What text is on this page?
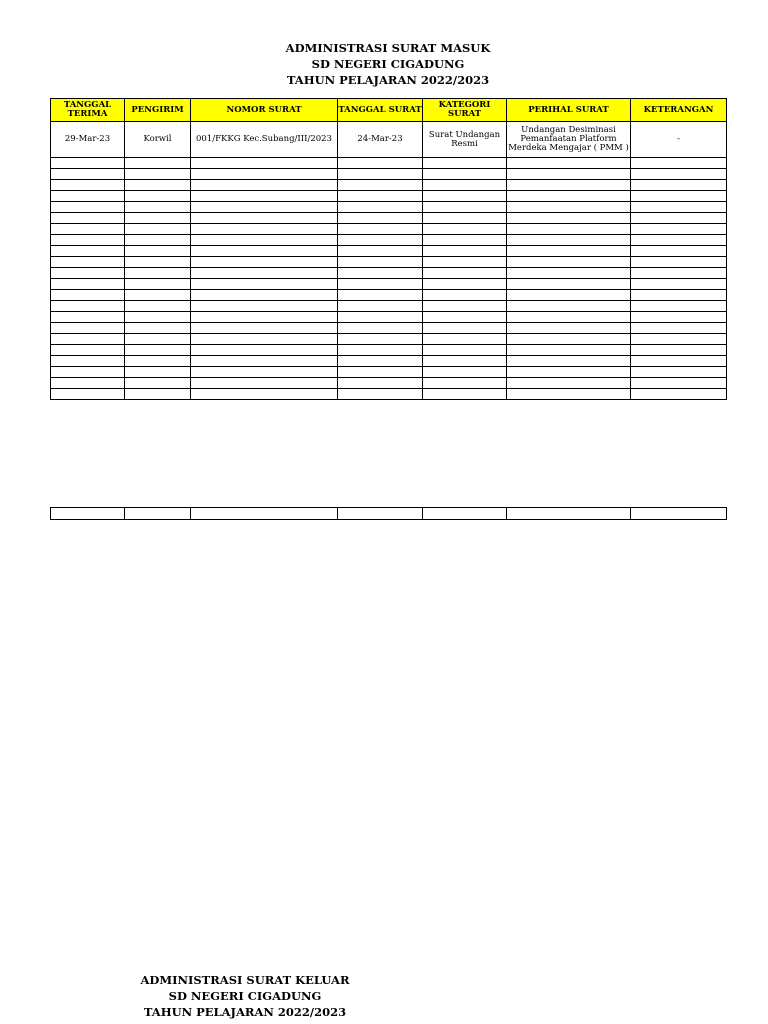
ADMINISTRASI SURAT MASUK
SD NEGERI CIGADUNG
TAHUN PELAJARAN 2022/2023
TANGGAL TERIMA	PENGIRIM	NOMOR SURAT	TANGGAL SURAT	KATEGORI SURAT	PERIHAL SURAT	KETERANGAN
29-Mar-23	Korwil	001/FKKG Kec.Subang/III/2023	24-Mar-23	Surat Undangan Resmi	Undangan Desiminasi Pemanfaatan Platform Merdeka Mengajar ( PMM )	-

ADMINISTRASI SURAT KELUAR
SD NEGERI CIGADUNG
TAHUN PELAJARAN 2022/2023
